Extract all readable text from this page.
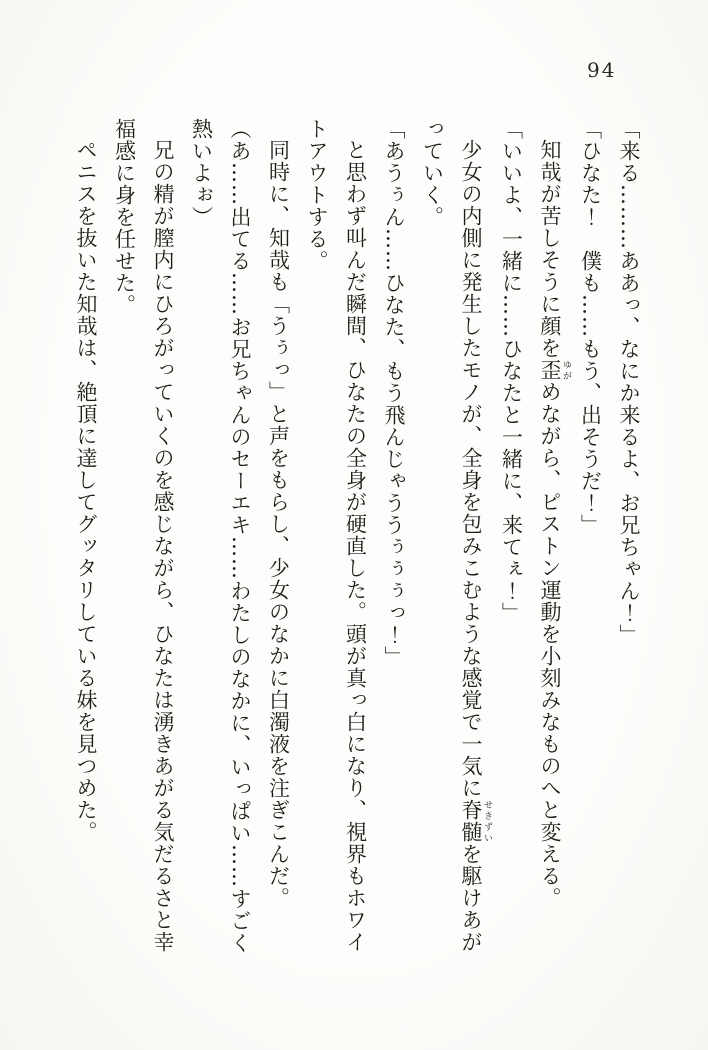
94

「来る………ああっ、なにか来るよ、お兄ちゃん！」

「ひなた！　僕も……もう、出そうだ！」

知哉が苦しそうに顔を歪 ゆがめながら、ピストン運動を小刻みなものへと変える。

「いいよ、一緒に……ひなたと一緒に、来てぇ！」

少女の内側に発生したモノが、全身を包みこむような感覚で一気に脊髄 せきずいを駆けあがっていく。

「あうぅん……ひなた、もう飛んじゃううぅぅぅっ！」

と思わず叫んだ瞬間、ひなたの全身が硬直した。頭が真っ白になり、視界もホワイトアウトする。

同時に、知哉も「うぅっ」と声をもらし、少女のなかに白濁液を注ぎこんだ。

（あ……出てる……お兄ちゃんのセーエキ……わたしのなかに、いっぱい……すごく熱いよぉ）

兄の精が膣内にひろがっていくのを感じながら、ひなたは湧きあがる気だるさと幸福感に身を任せた。

ペニスを抜いた知哉は、絶頂に達してグッタリしている妹を見つめた。
